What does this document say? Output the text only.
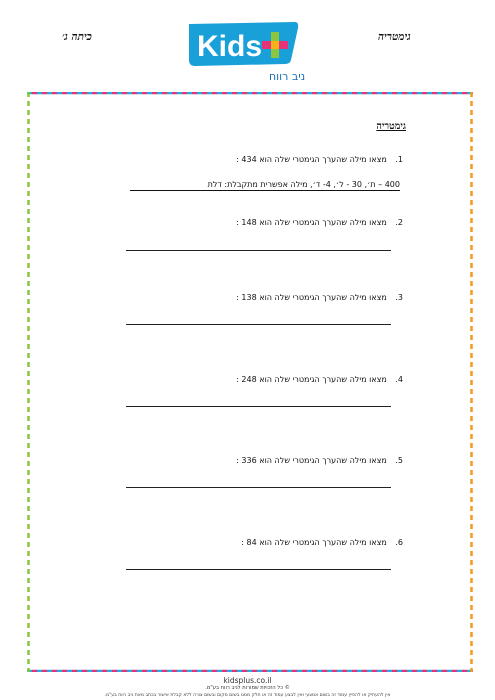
כיתה ג׳	גימטריה
Kids
ניב רווח
גימטריה
1. מצאו מילה שהערך הגימטרי שלה הוא 434 :
400 – ת׳, 30 - ל׳, 4- ד׳, מילה אפשרית מתקבלת: דלת
2. מצאו מילה שהערך הגימטרי שלה הוא 148 :
3. מצאו מילה שהערך הגימטרי שלה הוא 138 :
4. מצאו מילה שהערך הגימטרי שלה הוא 248 :
5. מצאו מילה שהערך הגימטרי שלה הוא 336 :
6. מצאו מילה שהערך הגימטרי שלה הוא 84 :
kidsplus.co.il
© כל הזכויות שמורות לניב רווח בע"מ.
אין להעתיק או להפיץ עמוד זה בשום אמצעי ואין לבצע עמוד זה או חלק ממנו בשום מקום ובשום צורה ללא קבלת אישור בכתב מאת ניב רווח בע"מ.
